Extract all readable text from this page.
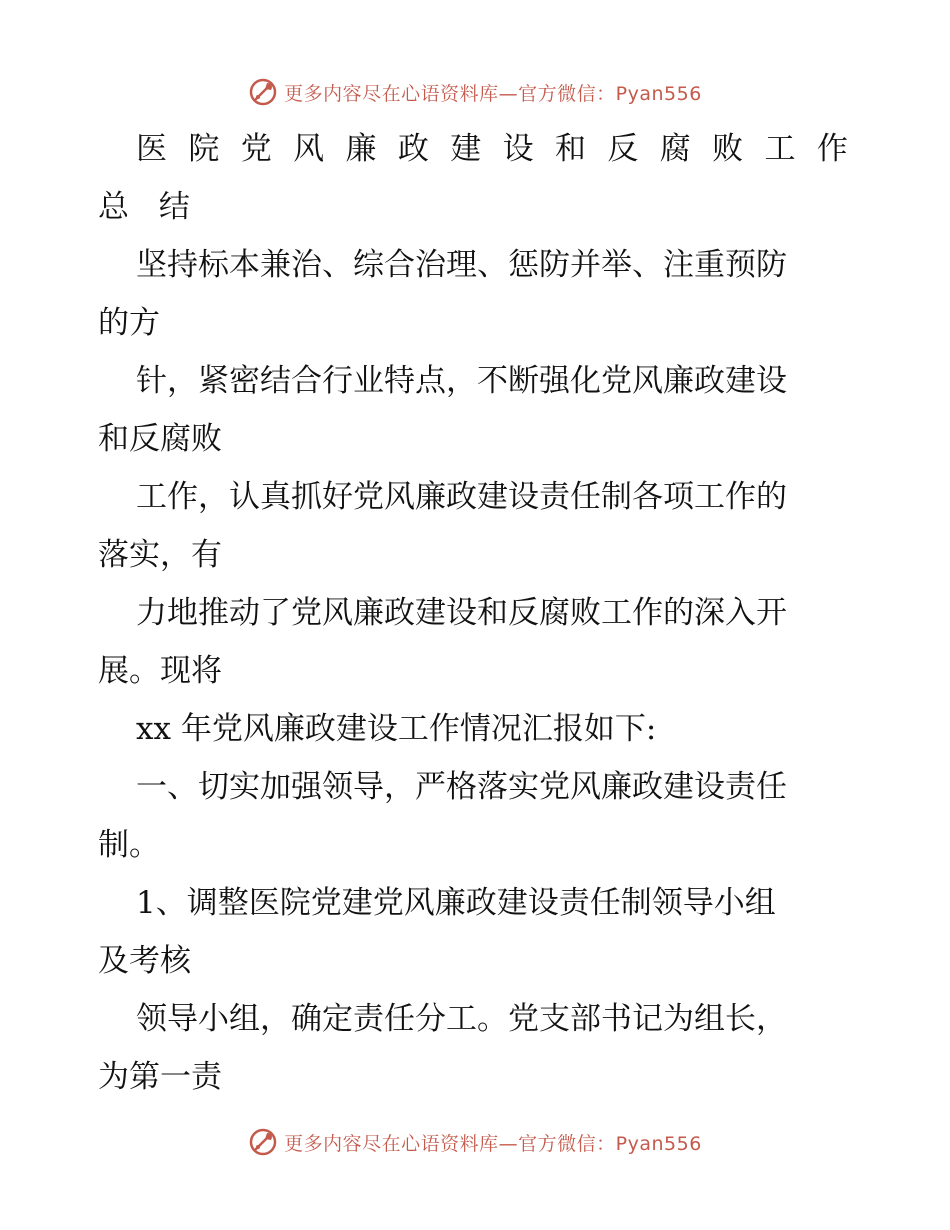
更多内容尽在心语资料库—官方微信：Pyan556
医 院 党 风 廉 政 建 设 和 反 腐 败 工 作
总 结
坚持标本兼治、综合治理、惩防并举、注重预防
的方
针，紧密结合行业特点，不断强化党风廉政建设
和反腐败
工作，认真抓好党风廉政建设责任制各项工作的
落实，有
力地推动了党风廉政建设和反腐败工作的深入开
展。现将
xx 年党风廉政建设工作情况汇报如下:
一、切实加强领导，严格落实党风廉政建设责任
制。
1、调整医院党建党风廉政建设责任制领导小组
及考核
领导小组，确定责任分工。党支部书记为组长，
为第一责
更多内容尽在心语资料库—官方微信：Pyan556
